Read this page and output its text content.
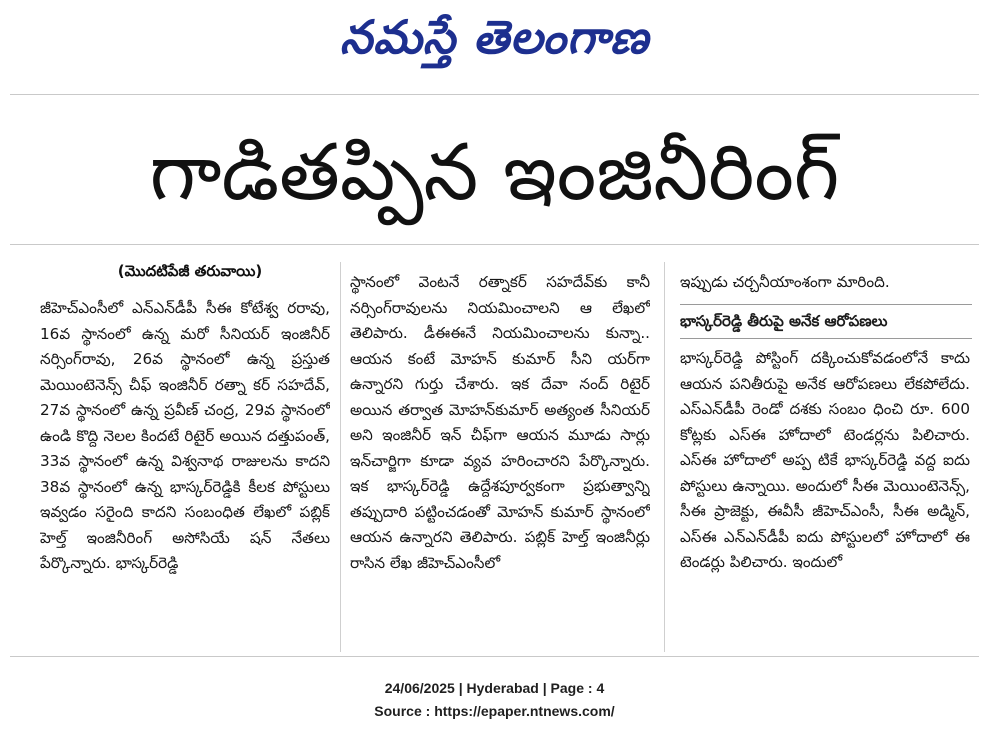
నమస్తే తెలంగాణ
గాడితప్పిన ఇంజినీరింగ్
(మొదటిపేజీ తరువాయి)

జీహెచ్ఎంసీలో ఎన్ఎన్‌డీపీ సీఈ కోటేశ్వ రరావు, 16వ స్థానంలో ఉన్న మరో సీనియర్ ఇంజినీర్ నర్సింగ్‌రావు, 26వ స్థానంలో ఉన్న ప్రస్తుత మెయింటెనెన్స్ చీఫ్ ఇంజినీర్ రత్నా కర్ సహదేవ్, 27వ స్థానంలో ఉన్న ప్రవీణ్ చంద్ర, 29వ స్థానంలో ఉండి కొద్ది నెలల కిందటే రిటైర్ అయిన దత్తుపంత్, 33వ స్థానంలో ఉన్న విశ్వనాథ రాజులను కాదని 38వ స్థానంలో ఉన్న భాస్కర్‌రెడ్డికి కీలక పోస్టులు ఇవ్వడం సరైంది కాదని సంబంధిత లేఖలో పబ్లిక్ హెల్త్ ఇంజినీరింగ్ అసోసియే షన్ నేతలు పేర్కొన్నారు. భాస్కర్‌రెడ్డి

స్థానంలో వెంటనే రత్నాకర్ సహదేవ్‌కు కానీ నర్సింగ్‌రావులను నియమించాలని ఆ లేఖలో తెలిపారు. డీఈఈనే నియమించాలను కున్నా.. ఆయన కంటే మోహన్ కుమార్ సీని యర్‌గా ఉన్నారని గుర్తు చేశారు. ఇక దేవా నంద్ రిటైర్ అయిన తర్వాత మోహన్‌కుమార్ అత్యంత సీనియర్ అని ఇంజినీర్ ఇన్ చీఫ్‌గా ఆయన మూడు సార్లు ఇన్‌చార్జిగా కూడా వ్యవ హరించారని పేర్కొన్నారు. ఇక భాస్కర్‌రెడ్డి ఉద్దేశపూర్వకంగా ప్రభుత్వాన్ని తప్పుదారి పట్టించడంతో మోహన్ కుమార్ స్థానంలో ఆయన ఉన్నారని తెలిపారు. పబ్లిక్ హెల్త్ ఇంజినీర్లు రాసిన లేఖ జీహెచ్ఎంసీలో

ఇప్పుడు చర్చనీయాంశంగా మారింది.

భాస్కర్‌రెడ్డి తీరుపై అనేక ఆరోపణలు

భాస్కర్‌రెడ్డి పోస్టింగ్ దక్కించుకోవడంలోనే కాదు ఆయన పనితీరుపై అనేక ఆరోపణలు లేకపోలేదు. ఎస్ఎన్‌డీపీ రెండో దశకు సంబం ధించి రూ. 600 కోట్లకు ఎస్ఈ హోదాలో టెండర్లను పిలిచారు. ఎస్ఈ హోదాలో అప్ప టికే భాస్కర్‌రెడ్డి వద్ద ఐదు పోస్టులు ఉన్నాయి. అందులో సీఈ మెయింటెనెన్స్, సీఈ ప్రాజెక్టు, ఈవీసీ జీహెచ్ఎంసీ, సీఈ అడ్మిన్, ఎస్ఈ ఎన్ఎన్‌డీపీ ఐదు పోస్టులలో హోదాలో ఈ టెండర్లు పిలిచారు. ఇందులో

24/06/2025 | Hyderabad | Page : 4
Source : https://epaper.ntnews.com/
